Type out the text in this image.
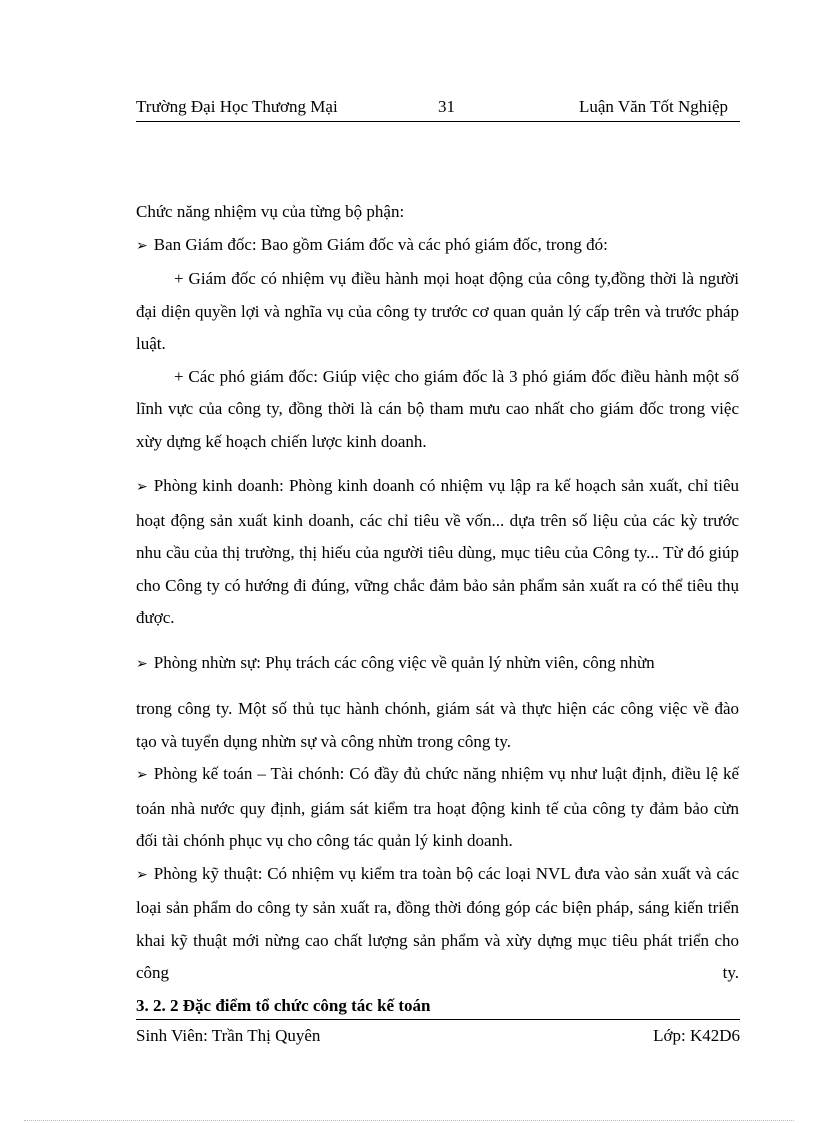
Trường Đại Học Thương Mại	31	Luận Văn Tốt Nghiệp

Chức năng nhiệm vụ của từng bộ phận:

➢ Ban Giám đốc: Bao gồm Giám đốc và các phó giám đốc, trong đó:

+ Giám đốc có nhiệm vụ điều hành mọi hoạt động của công ty,đồng thời là người đại diện quyền lợi và nghĩa vụ của công ty trước cơ quan quản lý cấp trên và trước pháp luật.

+ Các phó giám đốc: Giúp việc cho giám đốc là 3 phó giám đốc điều hành một số lĩnh vực của công ty, đồng thời là cán bộ tham mưu cao nhất cho giám đốc trong việc xừy dựng kế hoạch chiến lược kinh doanh.

➢ Phòng kinh doanh: Phòng kinh doanh có nhiệm vụ lập ra kế hoạch sản xuất, chỉ tiêu hoạt động sản xuất kinh doanh, các chỉ tiêu về vốn... dựa trên số liệu của các kỳ trước nhu cầu của thị trường, thị hiếu của người tiêu dùng, mục tiêu của Công ty... Từ đó giúp cho Công ty có hướng đi đúng, vững chắc đảm bảo sản phẩm sản xuất ra có thể tiêu thụ được.

➢ Phòng nhừn sự: Phụ trách các công việc về quản lý nhừn viên, công nhừn

trong công ty. Một số thủ tục hành chónh, giám sát và thực hiện các công việc về đào tạo và tuyển dụng nhừn sự và công nhừn trong công ty.

➢ Phòng kế toán – Tài chónh: Có đầy đủ chức năng nhiệm vụ như luật định, điều lệ kế toán nhà nước quy định, giám sát kiểm tra hoạt động kinh tế của công ty đảm bảo cừn đối tài chónh phục vụ cho công tác quản lý kinh doanh.

➢ Phòng kỹ thuật: Có nhiệm vụ kiểm tra toàn bộ các loại NVL đưa vào sản xuất và các loại sản phẩm do công ty sản xuất ra, đồng thời đóng góp các biện pháp, sáng kiến triển khai kỹ thuật mới nừng cao chất lượng sản phẩm và xừy dựng mục tiêu phát triển cho công ty.

3. 2. 2 Đặc điểm tổ chức công tác kế toán

Sinh Viên: Trần Thị Quyên	Lớp: K42D6
